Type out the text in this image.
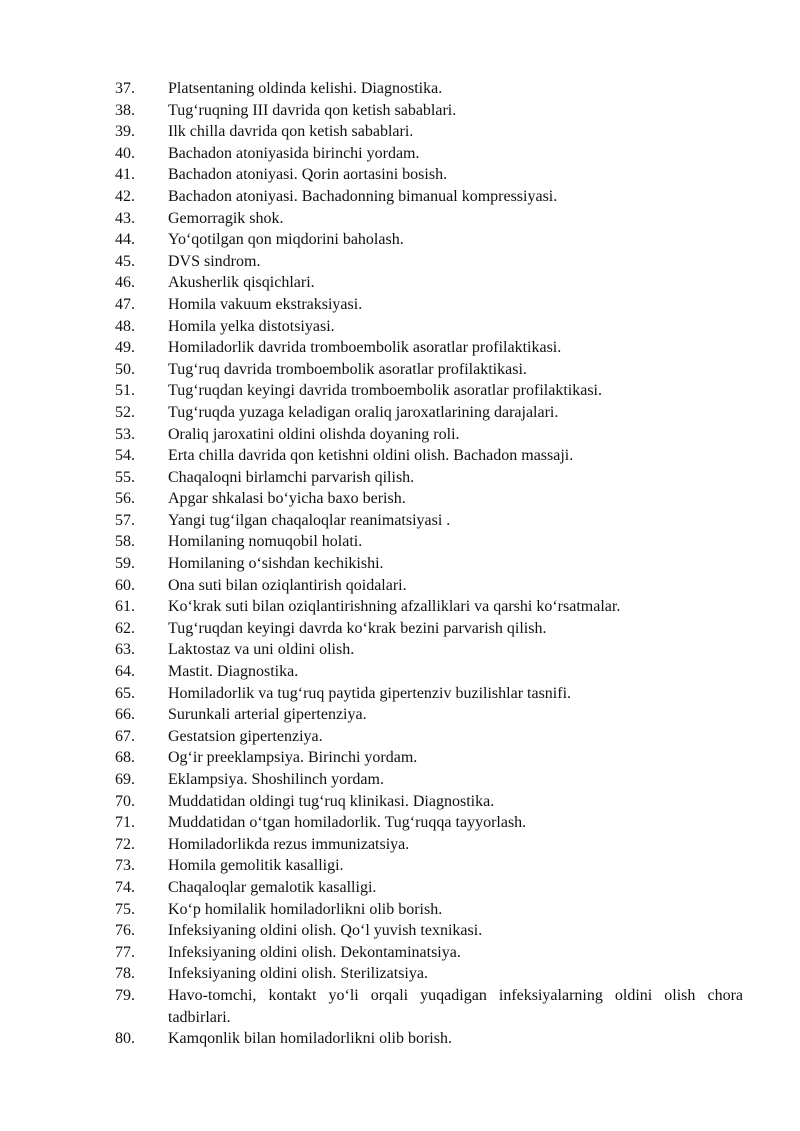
37.	Platsentaning oldinda kelishi. Diagnostika.
38.	Tug‘ruqning III davrida qon ketish sabablari.
39.	Ilk chilla davrida qon ketish sabablari.
40.	Bachadon atoniyasida birinchi yordam.
41.	Bachadon atoniyasi. Qorin aortasini bosish.
42.	Bachadon atoniyasi. Bachadonning bimanual kompressiyasi.
43.	Gemorragik shok.
44.	Yo‘qotilgan qon miqdorini baholash.
45.	DVS sindrom.
46.	Akusherlik qisqichlari.
47.	Homila vakuum ekstraksiyasi.
48.	Homila yelka distotsiyasi.
49.	Homiladorlik davrida tromboembolik asoratlar profilaktikasi.
50.	Tug‘ruq davrida tromboembolik asoratlar profilaktikasi.
51.	Tug‘ruqdan keyingi davrida tromboembolik asoratlar profilaktikasi.
52.	Tug‘ruqda yuzaga keladigan oraliq jaroxatlarining darajalari.
53.	Oraliq jaroxatini oldini olishda doyaning roli.
54.	Erta chilla davrida qon ketishni oldini olish. Bachadon massaji.
55.	Chaqaloqni birlamchi parvarish qilish.
56.	Apgar shkalasi bo‘yicha baxo berish.
57.	Yangi tug‘ilgan chaqaloqlar reanimatsiyasi .
58.	Homilaning nomuqobil holati.
59.	Homilaning o‘sishdan kechikishi.
60.	Ona suti bilan oziqlantirish qoidalari.
61.	Ko‘krak suti bilan oziqlantirishning afzalliklari va qarshi ko‘rsatmalar.
62.	Tug‘ruqdan keyingi davrda ko‘krak bezini parvarish qilish.
63.	Laktostaz va uni oldini olish.
64.	Mastit. Diagnostika.
65.	Homiladorlik va tug‘ruq paytida gipertenziv buzilishlar tasnifi.
66.	Surunkali arterial gipertenziya.
67.	Gestatsion gipertenziya.
68.	Og‘ir preeklampsiya. Birinchi yordam.
69.	Eklampsiya. Shoshilinch yordam.
70.	Muddatidan oldingi tug‘ruq klinikasi. Diagnostika.
71.	Muddatidan o‘tgan homiladorlik. Tug‘ruqqa tayyorlash.
72.	Homiladorlikda rezus immunizatsiya.
73.	Homila gemolitik kasalligi.
74.	Chaqaloqlar gemalotik kasalligi.
75.	Ko‘p homilalik homiladorlikni olib borish.
76.	Infeksiyaning oldini olish. Qo‘l yuvish texnikasi.
77.	Infeksiyaning oldini olish. Dekontaminatsiya.
78.	Infeksiyaning oldini olish. Sterilizatsiya.
79.	Havo-tomchi, kontakt yo‘li orqali yuqadigan infeksiyalarning oldini olish chora tadbirlari.
80.	Kamqonlik bilan homiladorlikni olib borish.
